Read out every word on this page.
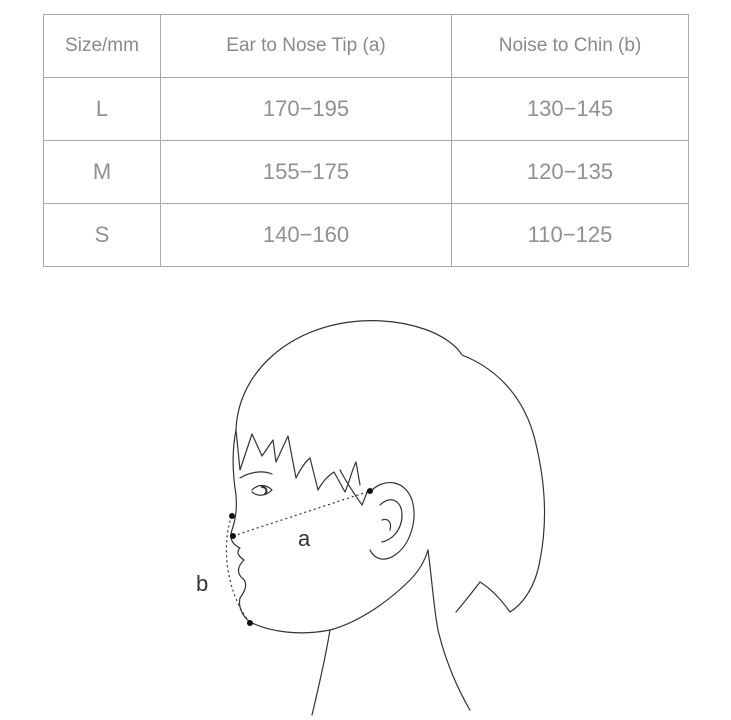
Size/mm	Ear to Nose Tip (a)	Noise to Chin (b)
L	170−195	130−145
M	155−175	120−135
S	140−160	110−125
a
b
